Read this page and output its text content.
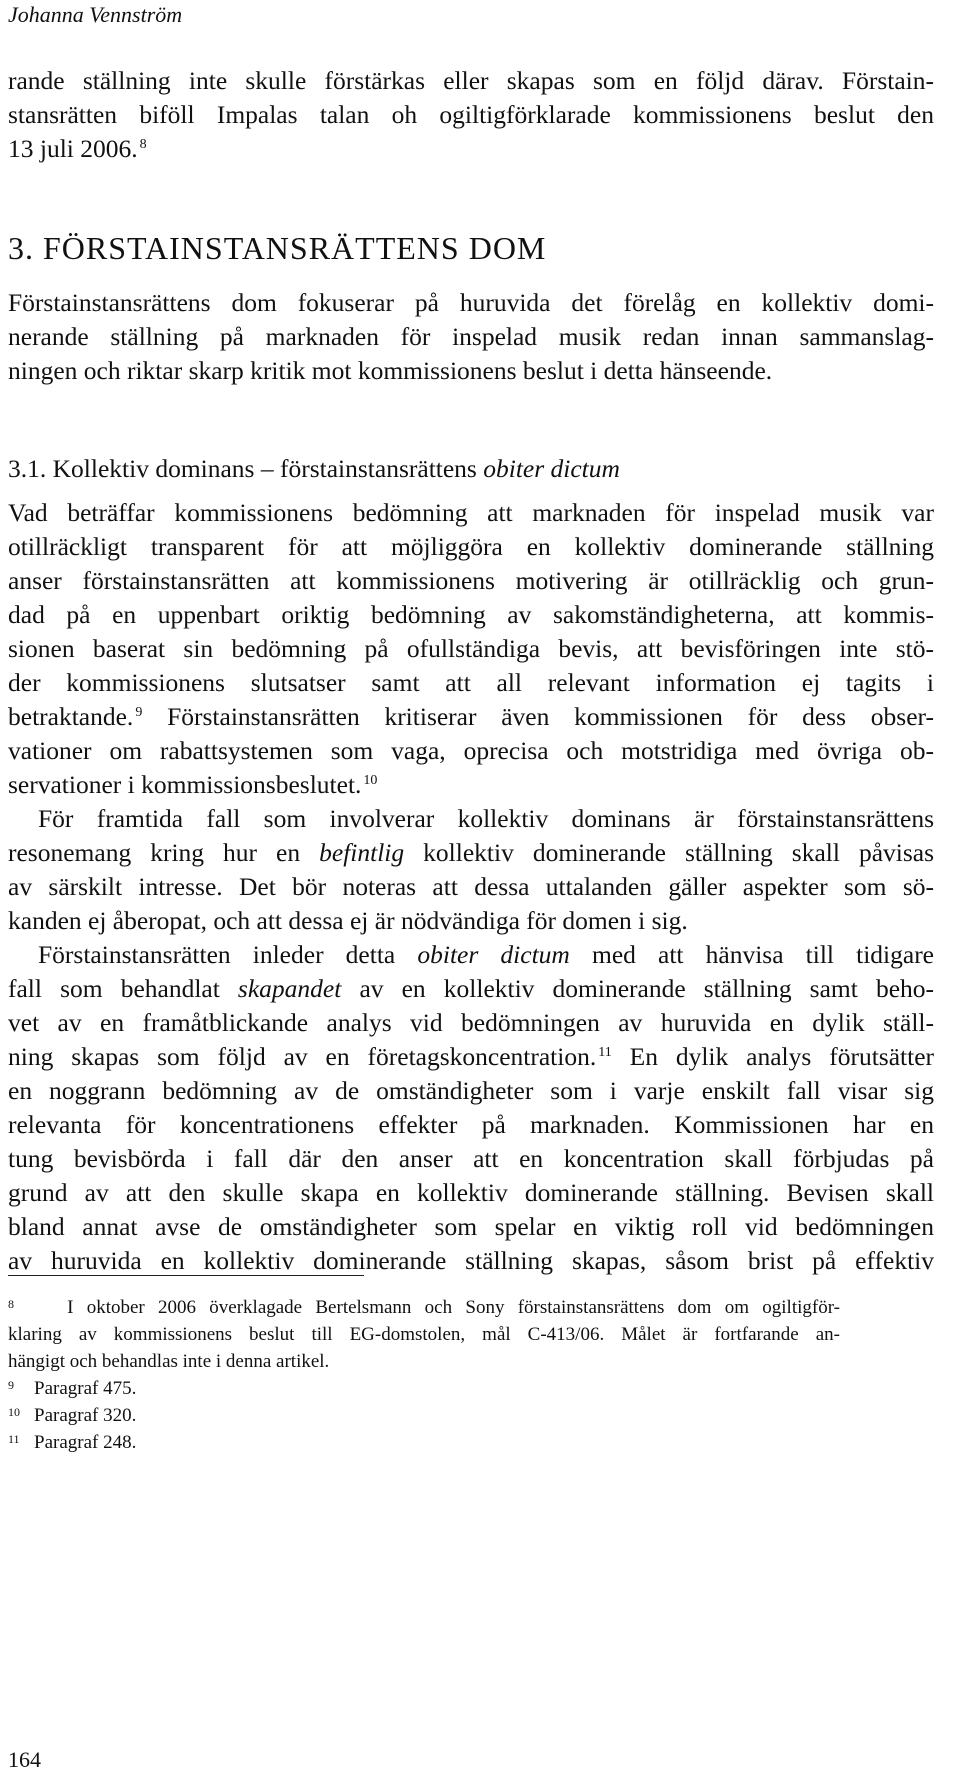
Johanna Vennström
rande ställning inte skulle förstärkas eller skapas som en följd därav. Förstain-
stansrätten biföll Impalas talan oh ogiltigförklarade kommissionens beslut den
13 juli 2006. $^8$
3. FÖRSTAINSTANSRÄTTENS DOM
Förstainstansrättens dom fokuserar på huruvida det förelåg en kollektiv domi-
nerande ställning på marknaden för inspelad musik redan innan sammanslag-
ningen och riktar skarp kritik mot kommissionens beslut i detta hänseende.
3.1. Kollektiv dominans – förstainstansrättens obiter dictum
Vad beträffar kommissionens bedömning att marknaden för inspelad musik var
otillräckligt transparent för att möjliggöra en kollektiv dominerande ställning
anser förstainstansrätten att kommissionens motivering är otillräcklig och grun-
dad på en uppenbart oriktig bedömning av sakomständigheterna, att kommis-
sionen baserat sin bedömning på ofullständiga bevis, att bevisföringen inte stö-
der kommissionens slutsatser samt att all relevant information ej tagits i
betraktande. $^9$ Förstainstansrätten kritiserar även kommissionen för dess obser-
vationer om rabattsystemen som vaga, oprecisa och motstridiga med övriga ob-
servationer i kommissionsbeslutet. $^{10}$
För framtida fall som involverar kollektiv dominans är förstainstansrättens
resonemang kring hur en befintlig kollektiv dominerande ställning skall påvisas
av särskilt intresse. Det bör noteras att dessa uttalanden gäller aspekter som sö-
kanden ej åberopat, och att dessa ej är nödvändiga för domen i sig.
Förstainstansrätten inleder detta obiter dictum med att hänvisa till tidigare
fall som behandlat skapandet av en kollektiv dominerande ställning samt beho-
vet av en framåtblickande analys vid bedömningen av huruvida en dylik ställ-
ning skapas som följd av en företagskoncentration. $^{11}$ En dylik analys förutsätter
en noggrann bedömning av de omständigheter som i varje enskilt fall visar sig
relevanta för koncentrationens effekter på marknaden. Kommissionen har en
tung bevisbörda i fall där den anser att en koncentration skall förbjudas på
grund av att den skulle skapa en kollektiv dominerande ställning. Bevisen skall
bland annat avse de omständigheter som spelar en viktig roll vid bedömningen
av huruvida en kollektiv dominerande ställning skapas, såsom brist på effektiv
$^8$	I oktober 2006 överklagade Bertelsmann och Sony förstainstansrättens dom om ogiltigför-
klaring av kommissionens beslut till EG-domstolen, mål C-413/06. Målet är fortfarande an-
hängigt och behandlas inte i denna artikel.
$^9$ Paragraf 475.
$^{10}$ Paragraf 320.
$^{11}$ Paragraf 248.
164
